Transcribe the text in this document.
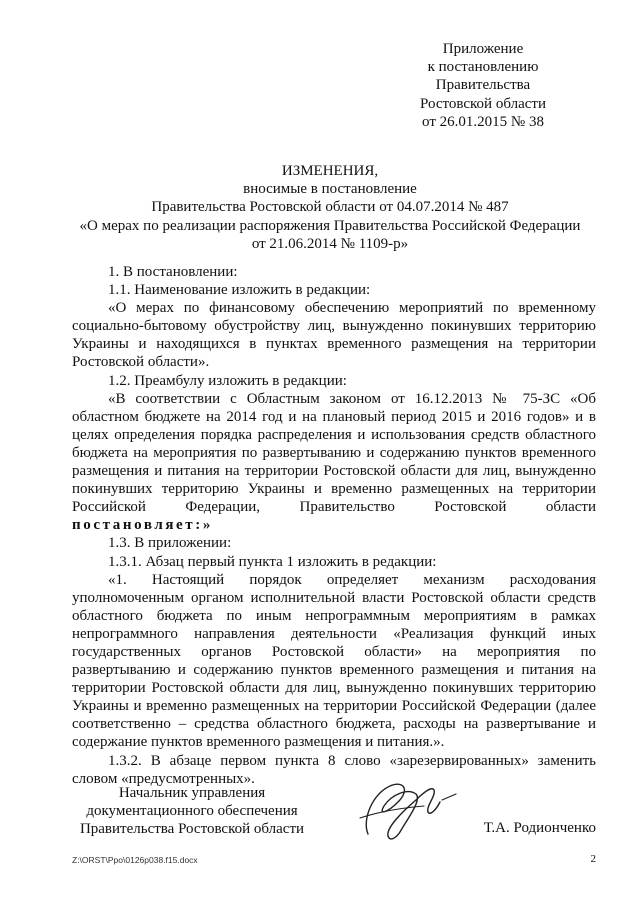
Приложение
к постановлению
Правительства
Ростовской области
от 26.01.2015 № 38
ИЗМЕНЕНИЯ,
вносимые в постановление
Правительства Ростовской области от 04.07.2014 № 487
«О мерах по реализации распоряжения Правительства Российской Федерации
от 21.06.2014 № 1109-р»

1. В постановлении:

1.1. Наименование изложить в редакции:

«О мерах по финансовому обеспечению мероприятий по временному социально-бытовому обустройству лиц, вынужденно покинувших территорию Украины и находящихся в пунктах временного размещения на территории Ростовской области».

1.2. Преамбулу изложить в редакции:

«В соответствии с Областным законом от 16.12.2013 № 75-ЗС «Об областном бюджете на 2014 год и на плановый период 2015 и 2016 годов» и в целях определения порядка распределения и использования средств областного бюджета на мероприятия по развертыванию и содержанию пунктов временного размещения и питания на территории Ростовской области для лиц, вынужденно покинувших территорию Украины и временно размещенных на территории Российской Федерации, Правительство Ростовской области

постановляет:»

1.3. В приложении:

1.3.1. Абзац первый пункта 1 изложить в редакции:

«1. Настоящий порядок определяет механизм расходования уполномоченным органом исполнительной власти Ростовской области средств областного бюджета по иным непрограммным мероприятиям в рамках непрограммного направления деятельности «Реализация функций иных государственных органов Ростовской области» на мероприятия по развертыванию и содержанию пунктов временного размещения и питания на территории Ростовской области для лиц, вынужденно покинувших территорию Украины и временно размещенных на территории Российской Федерации (далее соответственно – средства областного бюджета, расходы на развертывание и содержание пунктов временного размещения и питания.».

1.3.2. В абзаце первом пункта 8 слово «зарезервированных» заменить словом «предусмотренных».

Начальник управления
документационного обеспечения
Правительства Ростовской области	Т.А. Родионченко
Z:\ORST\Ppo\0126p038.f15.docx	2
